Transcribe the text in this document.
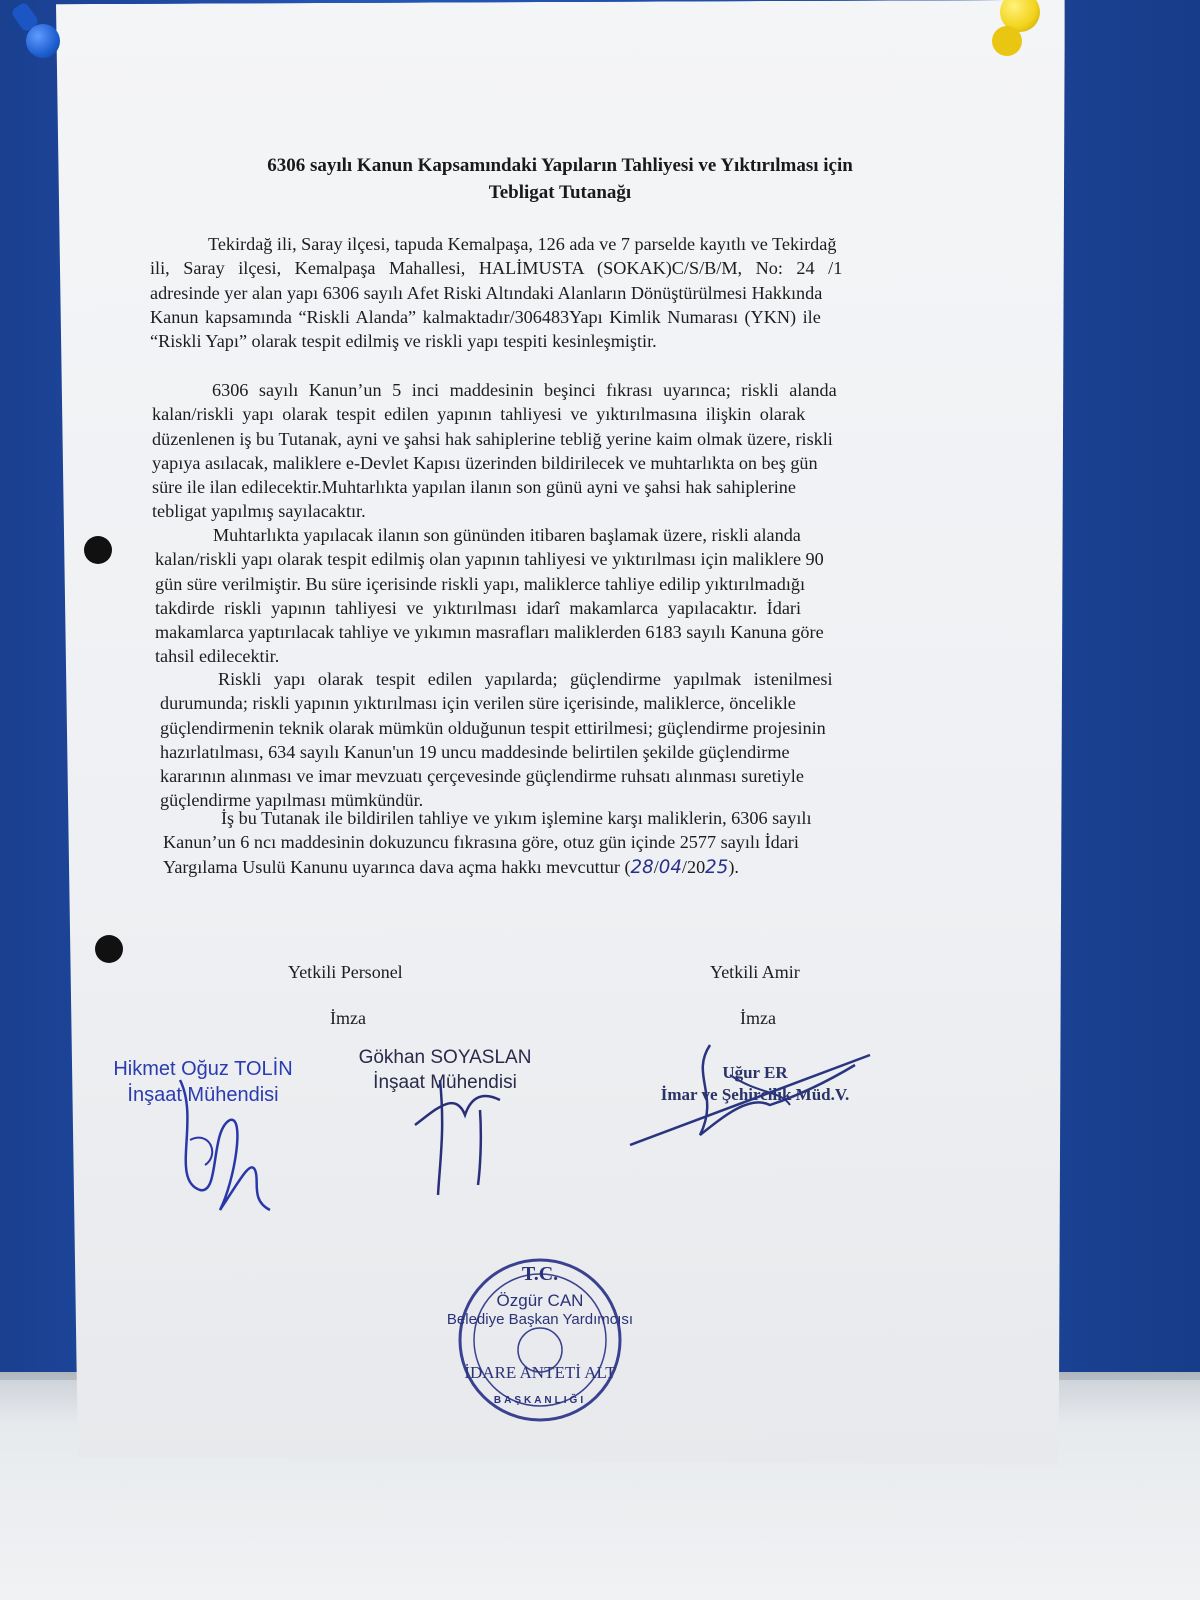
6306 sayılı Kanun Kapsamındaki Yapıların Tahliyesi ve Yıktırılması için
Tebligat Tutanağı
Tekirdağ ili, Saray ilçesi, tapuda Kemalpaşa, 126 ada ve 7 parselde kayıtlı ve Tekirdağ
ili, Saray ilçesi, Kemalpaşa Mahallesi, HALİMUSTA (SOKAK)C/S/B/M, No: 24 /1
adresinde yer alan yapı 6306 sayılı Afet Riski Altındaki Alanların Dönüştürülmesi Hakkında
Kanun kapsamında “Riskli Alanda” kalmaktadır/306483Yapı Kimlik Numarası (YKN) ile
“Riskli Yapı” olarak tespit edilmiş ve riskli yapı tespiti kesinleşmiştir.
6306 sayılı Kanun’un 5 inci maddesinin beşinci fıkrası uyarınca; riskli alanda
kalan/riskli yapı olarak tespit edilen yapının tahliyesi ve yıktırılmasına ilişkin olarak
düzenlenen iş bu Tutanak, ayni ve şahsi hak sahiplerine tebliğ yerine kaim olmak üzere, riskli
yapıya asılacak, maliklere e-Devlet Kapısı üzerinden bildirilecek ve muhtarlıkta on beş gün
süre ile ilan edilecektir.Muhtarlıkta yapılan ilanın son günü ayni ve şahsi hak sahiplerine
tebligat yapılmış sayılacaktır.
Muhtarlıkta yapılacak ilanın son gününden itibaren başlamak üzere, riskli alanda
kalan/riskli yapı olarak tespit edilmiş olan yapının tahliyesi ve yıktırılması için maliklere 90
gün süre verilmiştir. Bu süre içerisinde riskli yapı, maliklerce tahliye edilip yıktırılmadığı
takdirde riskli yapının tahliyesi ve yıktırılması idarî makamlarca yapılacaktır. İdari
makamlarca yaptırılacak tahliye ve yıkımın masrafları maliklerden 6183 sayılı Kanuna göre
tahsil edilecektir.
Riskli yapı olarak tespit edilen yapılarda; güçlendirme yapılmak istenilmesi
durumunda; riskli yapının yıktırılması için verilen süre içerisinde, maliklerce, öncelikle
güçlendirmenin teknik olarak mümkün olduğunun tespit ettirilmesi; güçlendirme projesinin
hazırlatılması, 634 sayılı Kanun'un 19 uncu maddesinde belirtilen şekilde güçlendirme
kararının alınması ve imar mevzuatı çerçevesinde güçlendirme ruhsatı alınması suretiyle
güçlendirme yapılması mümkündür.
İş bu Tutanak ile bildirilen tahliye ve yıkım işlemine karşı maliklerin, 6306 sayılı
Kanun’un 6 ncı maddesinin dokuzuncu fıkrasına göre, otuz gün içinde 2577 sayılı İdari
Yargılama Usulü Kanunu uyarınca dava açma hakkı mevcuttur (28/04/2025).
Yetkili Personel	Yetkili Amir
İmza	İmza
Hikmet Oğuz TOLİN
İnşaat Mühendisi
Gökhan SOYASLAN
İnşaat Mühendisi	Uğur ER
İmar ve Şehircilik Müd.V.
T.C.
Özgür CAN
Belediye Başkan Yardımcısı
İDARE ANTETİ ALT
BAŞKANLIĞI
